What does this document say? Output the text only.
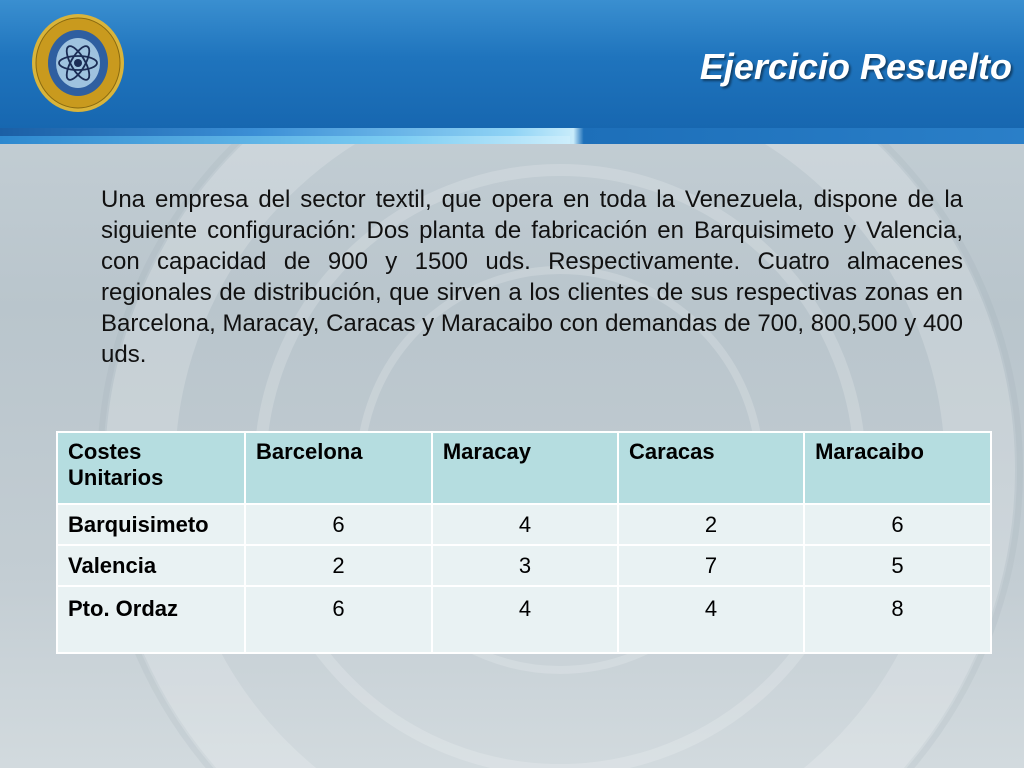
Ejercicio Resuelto

Una empresa del sector textil, que opera en toda la Venezuela, dispone de la siguiente configuración: Dos planta de fabricación en Barquisimeto y Valencia, con capacidad de 900 y 1500 uds. Respectivamente. Cuatro almacenes regionales de distribución, que sirven a los clientes de sus respectivas zonas en Barcelona, Maracay, Caracas y Maracaibo con demandas de 700, 800,500 y 400 uds.

Costes Unitarios	Barcelona	Maracay	Caracas	Maracaibo
Barquisimeto	6	4	2	6
Valencia	2	3	7	5
Pto. Ordaz	6	4	4	8
